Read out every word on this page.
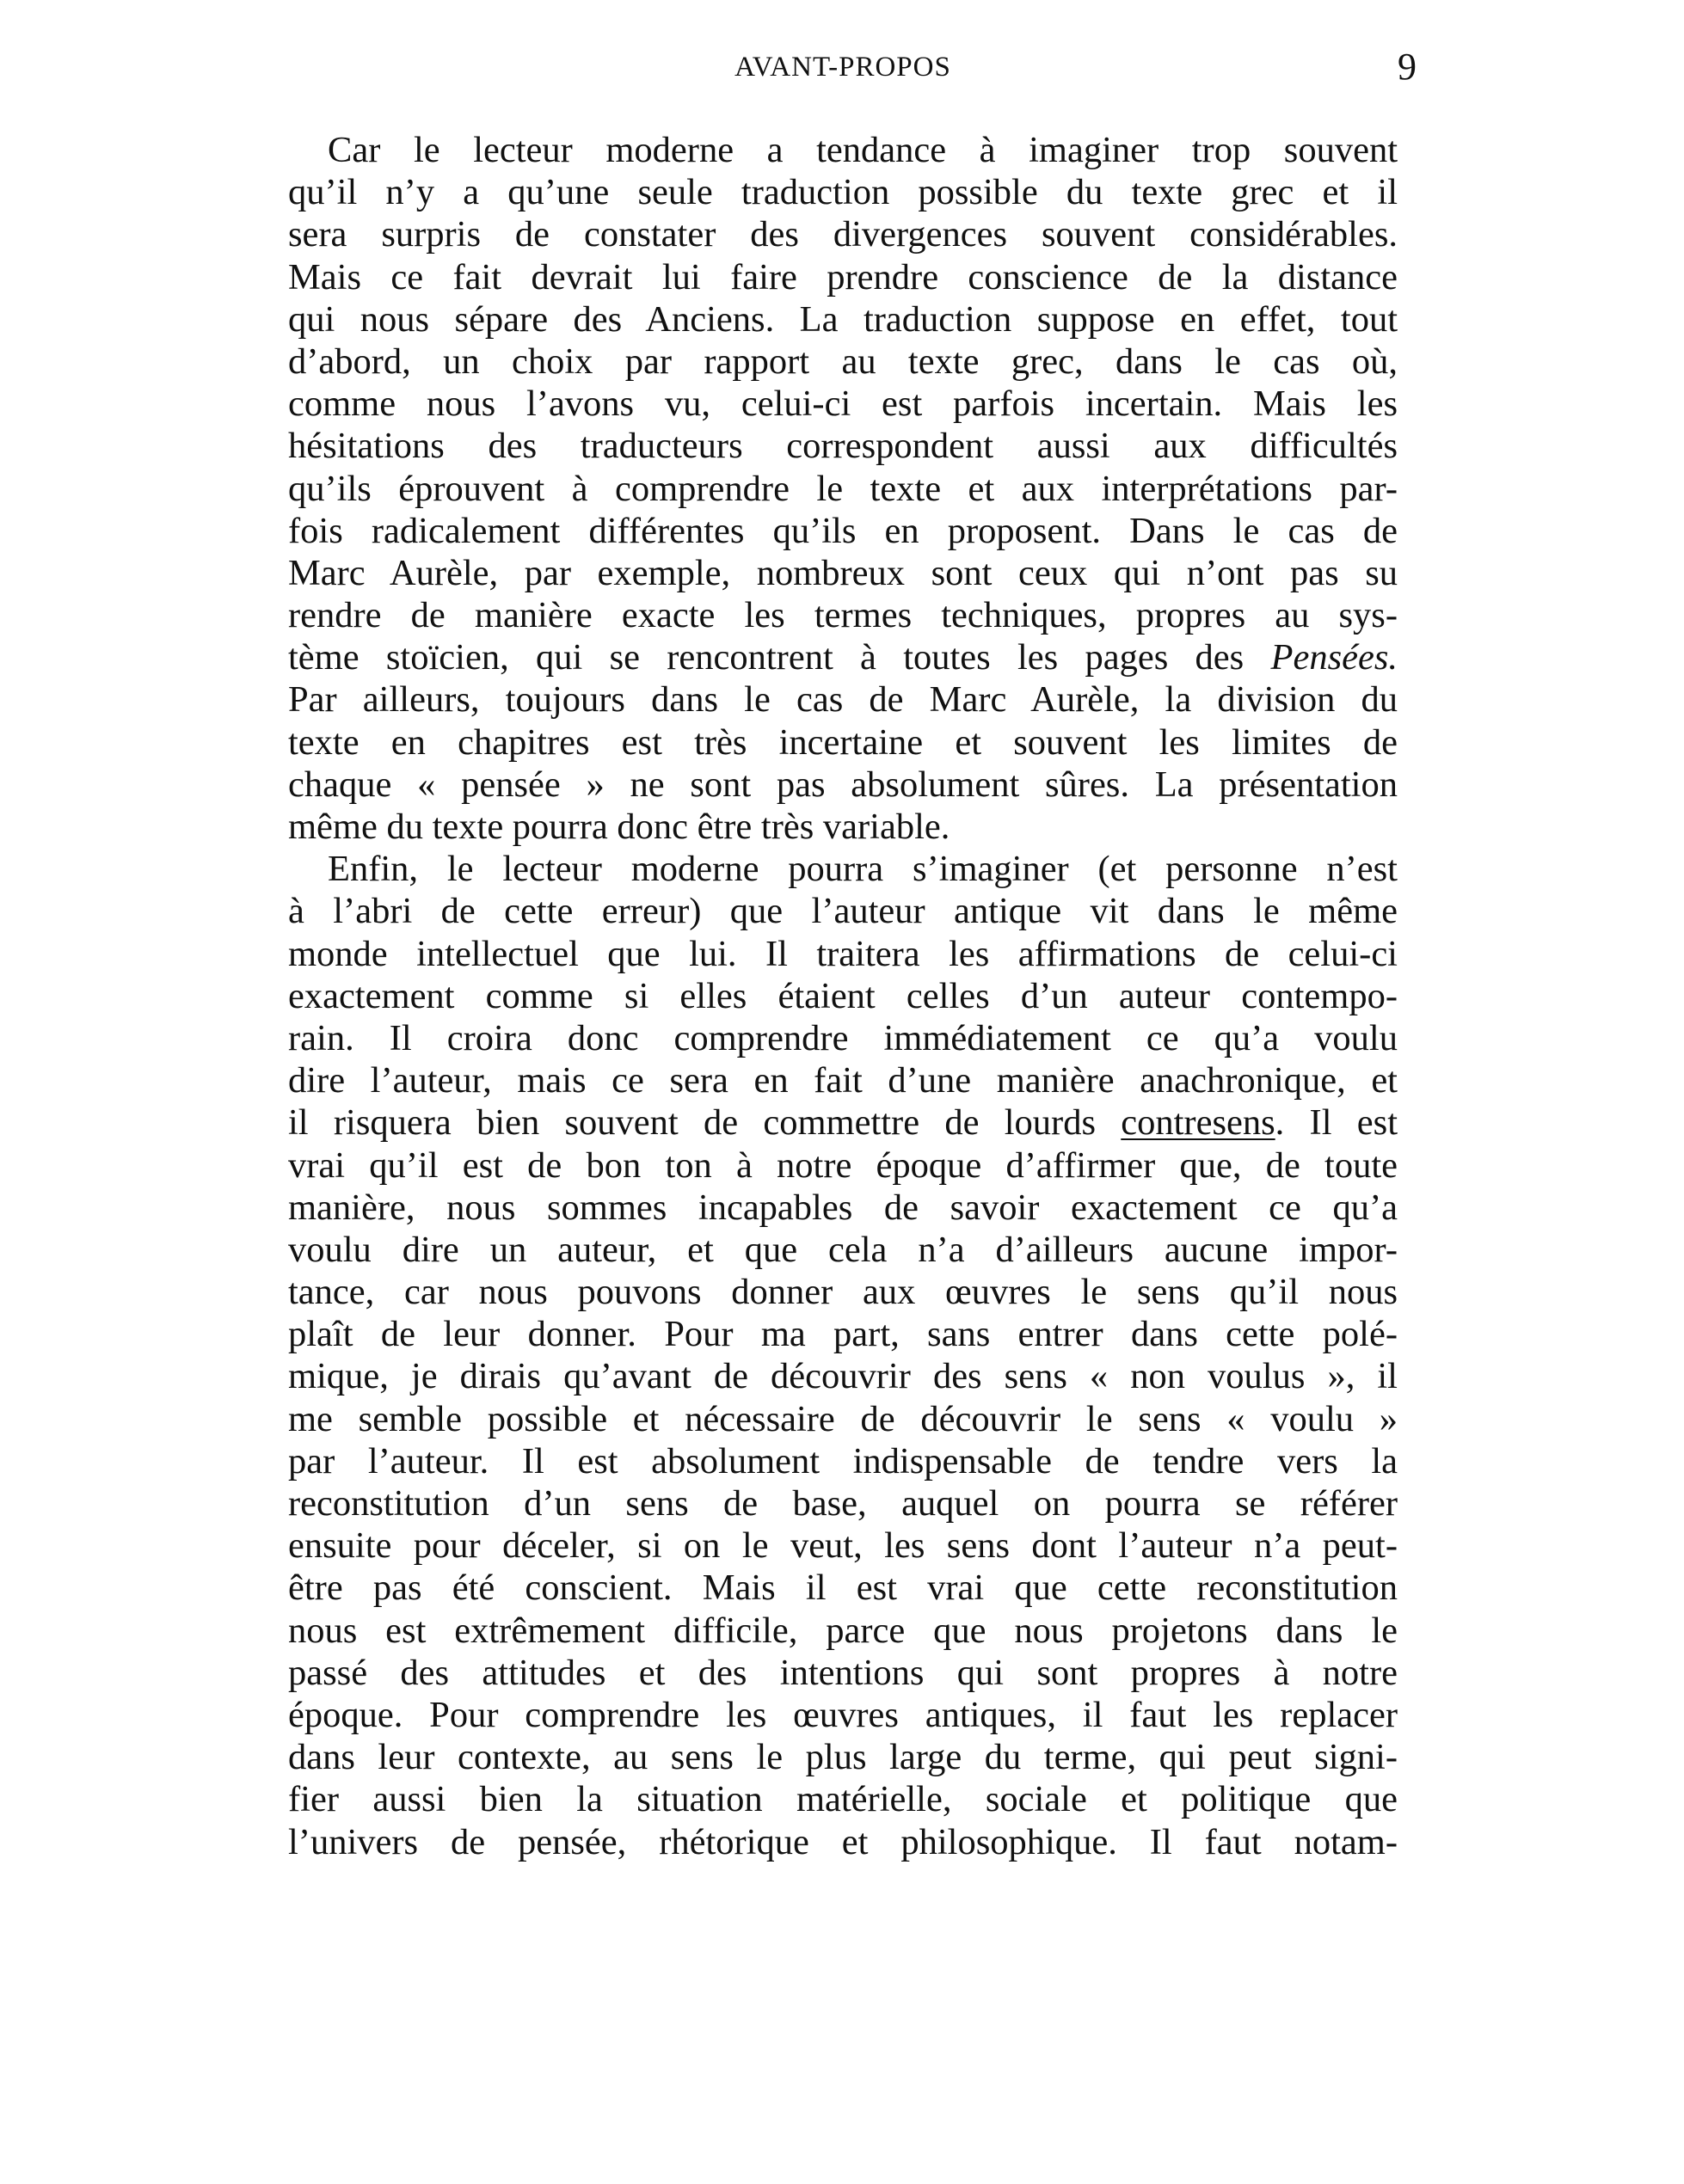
AVANT-PROPOS	9
Car le lecteur moderne a tendance à imaginer trop souvent
qu’il n’y a qu’une seule traduction possible du texte grec et il
sera surpris de constater des divergences souvent considérables.
Mais ce fait devrait lui faire prendre conscience de la distance
qui nous sépare des Anciens. La traduction suppose en effet, tout
d’abord, un choix par rapport au texte grec, dans le cas où,
comme nous l’avons vu, celui-ci est parfois incertain. Mais les
hésitations des traducteurs correspondent aussi aux difficultés
qu’ils éprouvent à comprendre le texte et aux interprétations par-
fois radicalement différentes qu’ils en proposent. Dans le cas de
Marc Aurèle, par exemple, nombreux sont ceux qui n’ont pas su
rendre de manière exacte les termes techniques, propres au sys-
tème stoïcien, qui se rencontrent à toutes les pages des Pensées.
Par ailleurs, toujours dans le cas de Marc Aurèle, la division du
texte en chapitres est très incertaine et souvent les limites de
chaque « pensée » ne sont pas absolument sûres. La présentation
même du texte pourra donc être très variable.
Enfin, le lecteur moderne pourra s’imaginer (et personne n’est
à l’abri de cette erreur) que l’auteur antique vit dans le même
monde intellectuel que lui. Il traitera les affirmations de celui-ci
exactement comme si elles étaient celles d’un auteur contempo-
rain. Il croira donc comprendre immédiatement ce qu’a voulu
dire l’auteur, mais ce sera en fait d’une manière anachronique, et
il risquera bien souvent de commettre de lourds contresens. Il est
vrai qu’il est de bon ton à notre époque d’affirmer que, de toute
manière, nous sommes incapables de savoir exactement ce qu’a
voulu dire un auteur, et que cela n’a d’ailleurs aucune impor-
tance, car nous pouvons donner aux œuvres le sens qu’il nous
plaît de leur donner. Pour ma part, sans entrer dans cette polé-
mique, je dirais qu’avant de découvrir des sens « non voulus », il
me semble possible et nécessaire de découvrir le sens « voulu »
par l’auteur. Il est absolument indispensable de tendre vers la
reconstitution d’un sens de base, auquel on pourra se référer
ensuite pour déceler, si on le veut, les sens dont l’auteur n’a peut-
être pas été conscient. Mais il est vrai que cette reconstitution
nous est extrêmement difficile, parce que nous projetons dans le
passé des attitudes et des intentions qui sont propres à notre
époque. Pour comprendre les œuvres antiques, il faut les replacer
dans leur contexte, au sens le plus large du terme, qui peut signi-
fier aussi bien la situation matérielle, sociale et politique que
l’univers de pensée, rhétorique et philosophique. Il faut notam-
